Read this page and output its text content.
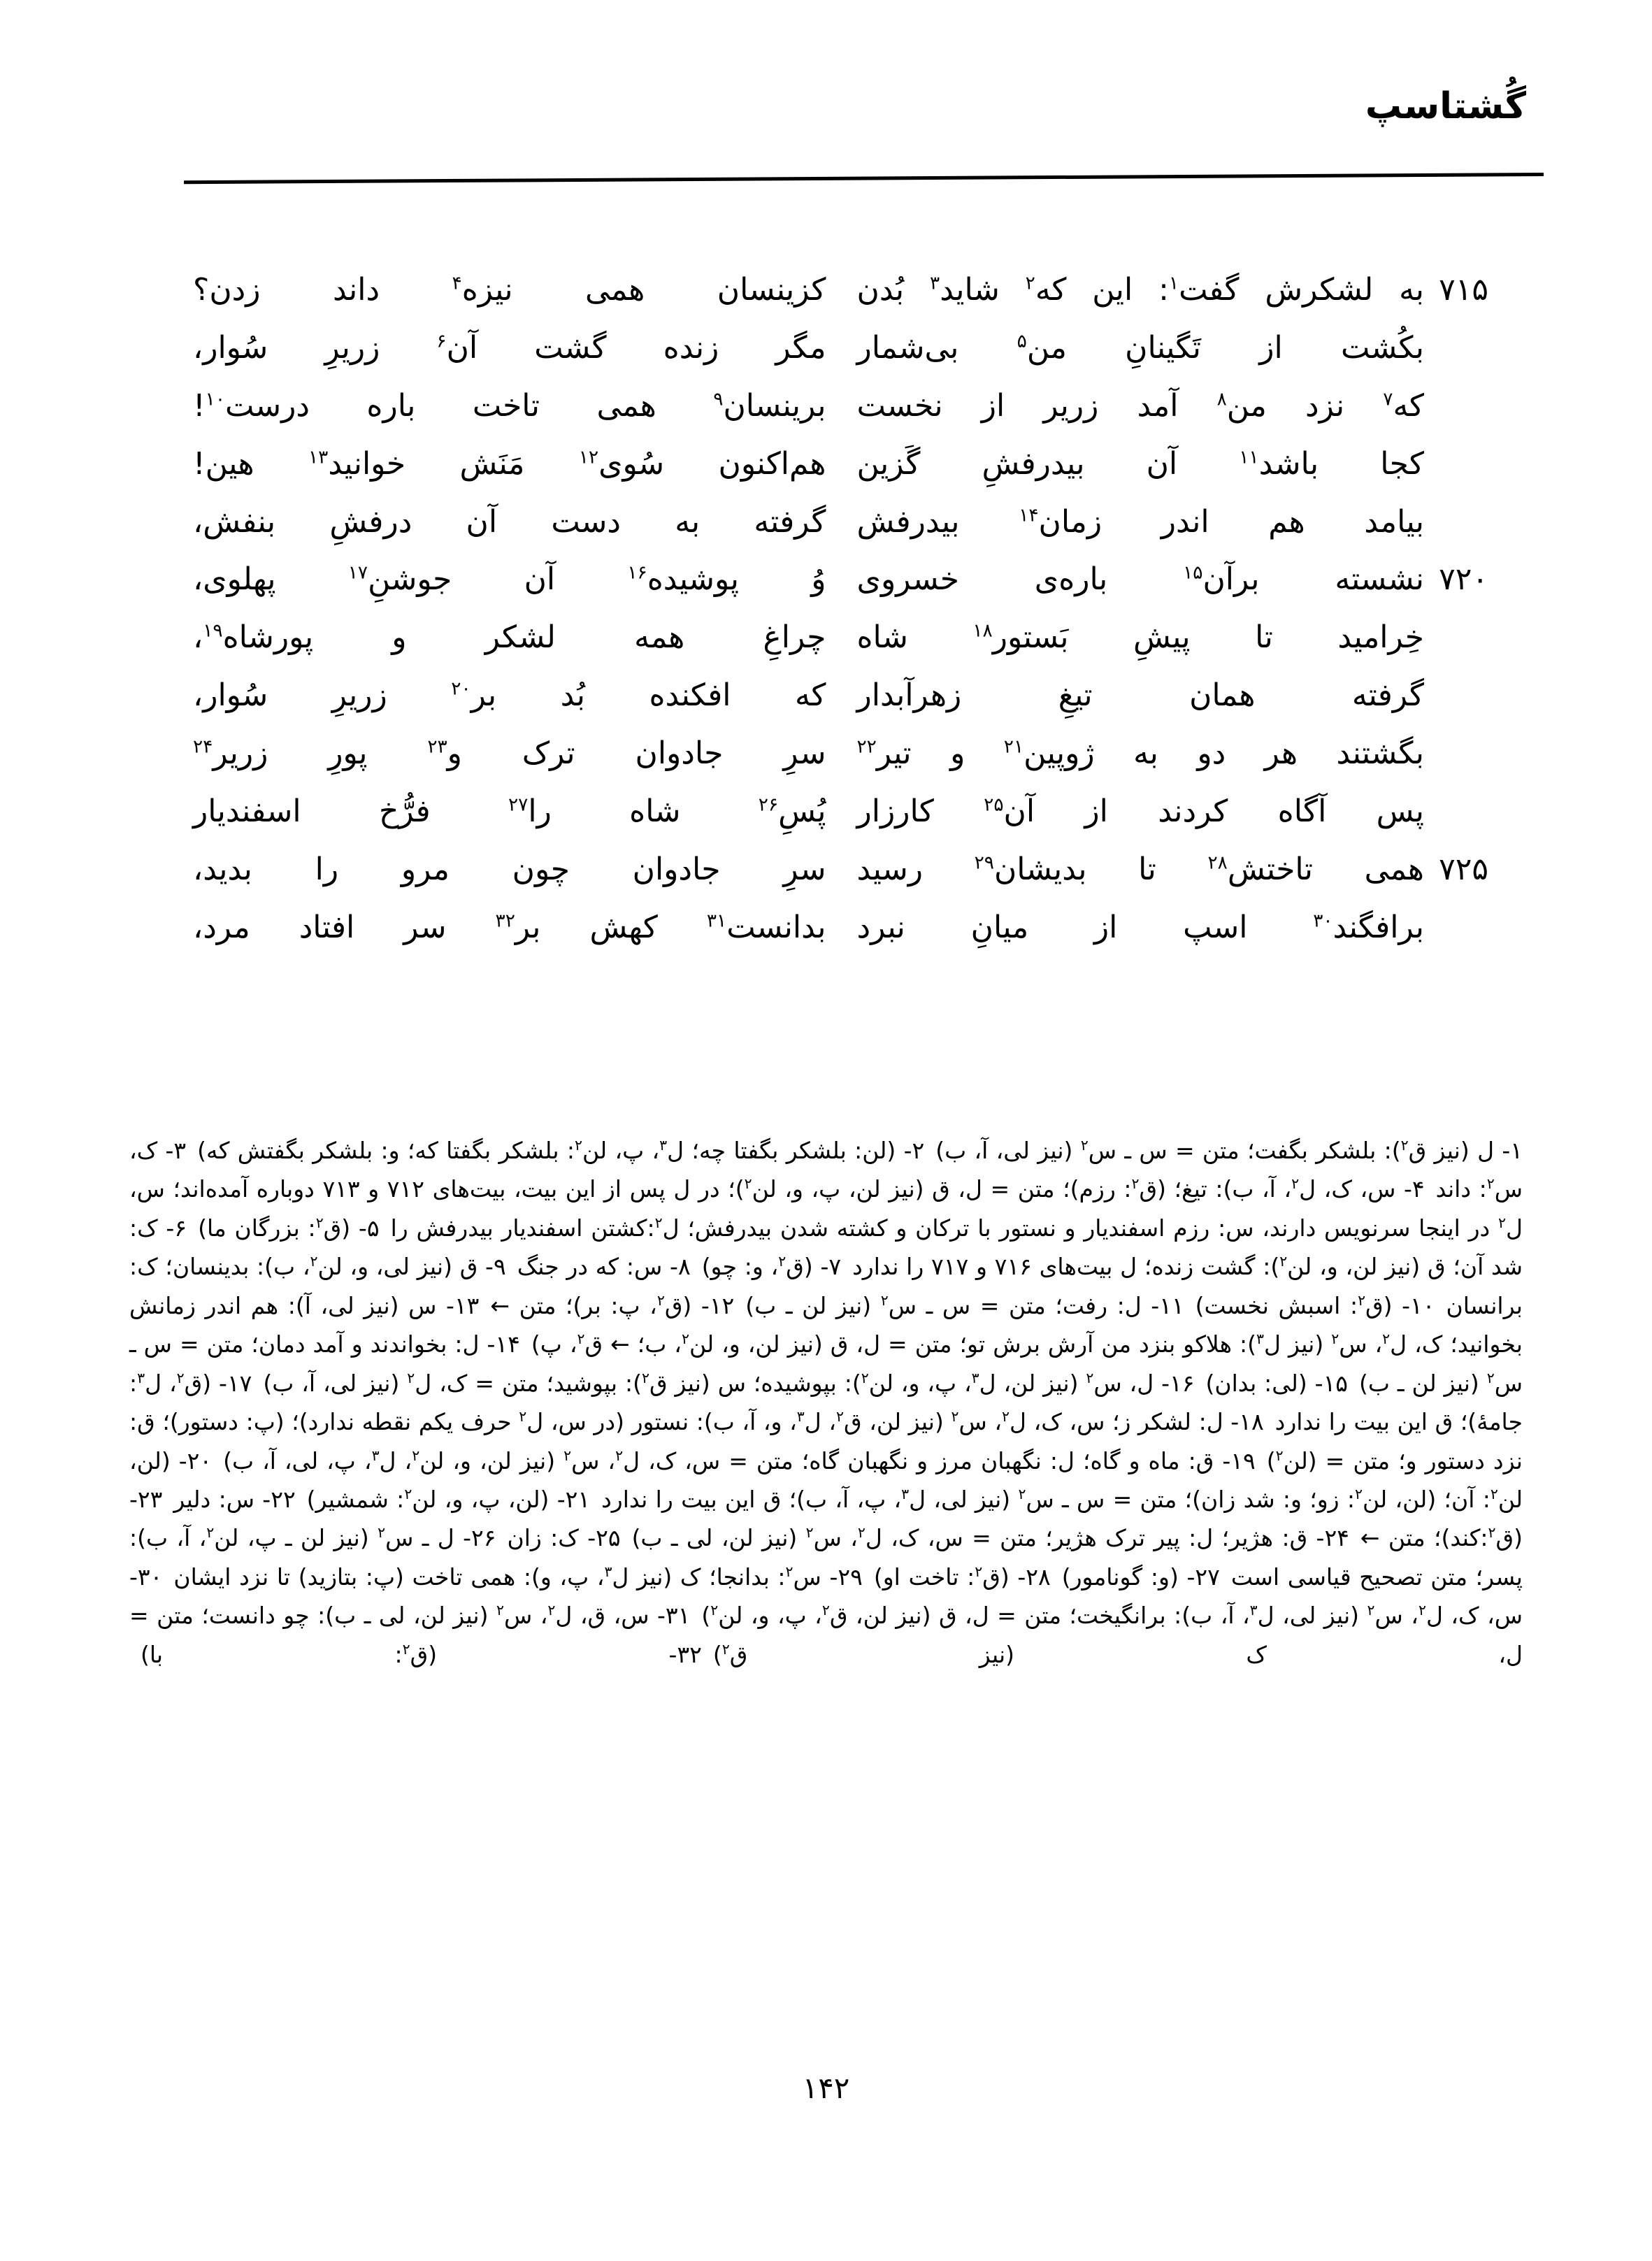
گُشتاسپ
۷۱۵
به لشکرش گفت$^۱$: این که$^۲$ شاید$^۳$ بُدن
کزینسان همی نیزه$^۴$ داند زدن؟
بکُشت از تَگینانِ من$^۵$ بی‌شمار
مگر زنده گشت آن$^۶$ زریرِ سُوار،
که$^۷$ نزد من$^۸$ آمد زریر از نخست
برینسان$^۹$ همی تاخت باره درست$^{۱۰}$!
کجا باشد$^{۱۱}$ آن بیدرفشِ گَزین
هم‌اکنون سُوی$^{۱۲}$ مَنَش خوانید$^{۱۳}$ هین!
بیامد هم اندر زمان$^{۱۴}$ بیدرفش
گرفته به دست آن درفشِ بنفش،
۷۲۰
نشسته برآن$^{۱۵}$ باره‌ی خسروی
وُ پوشیده$^{۱۶}$ آن جوشنِ$^{۱۷}$ پهلوی،
خِرامید تا پیشِ بَستور$^{۱۸}$ شاه
چراغِ همه لشکر و پورشاه$^{۱۹}$،
گرفته همان تیغِ زهرآبدار
که افکنده بُد بر$^{۲۰}$ زریرِ سُوار،
بگشتند هر دو به ژوپین$^{۲۱}$ و تیر$^{۲۲}$
سرِ جادوان ترک و$^{۲۳}$ پورِ زریر$^{۲۴}$
پس آگاه کردند از آن$^{۲۵}$ کارزار
پُسِ$^{۲۶}$ شاه را$^{۲۷}$ فرُّخ اسفندیار
۷۲۵
همی تاختش$^{۲۸}$ تا بدیشان$^{۲۹}$ رسید
سرِ جادوان چون مرو را بدید،
برافگند$^{۳۰}$ اسپ از میانِ نبرد
بدانست$^{۳۱}$ کهش بر$^{۳۲}$ سر افتاد مرد،
۱- ل (نیز ق$^۲$): بلشکر بگفت؛ متن = س ـ س$^۲$ (نیز لی، آ، ب) ۲- (لن: بلشکر بگفتا چه؛ ل$^۳$، پ، لن$^۲$: بلشکر بگفتا که؛ و: بلشکر بگفتش که) ۳- ک، س$^۲$: داند ۴- س، ک، ل$^۲$، آ، ب): تیغ؛ (ق$^۲$: رزم)؛ متن = ل، ق (نیز لن، پ، و، لن$^۲$)؛ در ل پس از این بیت، بیت‌های ۷۱۲ و ۷۱۳ دوباره آمده‌اند؛ س، ل$^۲$ در اینجا سرنویس دارند، س: رزم اسفندیار و نستور با ترکان و کشته شدن بیدرفش؛ ل$^۲$:کشتن اسفندیار بیدرفش را ۵- (ق$^۲$: بزرگان ما) ۶- ک: شد آن؛ ق (نیز لن، و، لن$^۲$): گشت زنده؛ ل بیت‌های ۷۱۶ و ۷۱۷ را ندارد ۷- (ق$^۲$، و: چو) ۸- س: که در جنگ ۹- ق (نیز لی، و، لن$^۲$، ب): بدینسان؛ ک: برانسان ۱۰- (ق$^۲$: اسبش نخست) ۱۱- ل: رفت؛ متن = س ـ س$^۲$ (نیز لن ـ ب) ۱۲- (ق$^۲$، پ: بر)؛ متن ← ۱۳- س (نیز لی، آ): هم اندر زمانش بخوانید؛ ک، ل$^۲$، س$^۲$ (نیز ل$^۳$): هلاکو بنزد من آرش برش تو؛ متن = ل، ق (نیز لن، و، لن$^۲$، ب؛ ← ق$^۲$، پ) ۱۴- ل: بخواندند و آمد دمان؛ متن = س ـ س$^۲$ (نیز لن ـ ب) ۱۵- (لی: بدان) ۱۶- ل، س$^۲$ (نیز لن، ل$^۳$، پ، و، لن$^۲$): بپوشیده؛ س (نیز ق$^۲$): بپوشید؛ متن = ک، ل$^۲$ (نیز لی، آ، ب) ۱۷- (ق$^۲$، ل$^۳$: جامهٔ)؛ ق این بیت را ندارد ۱۸- ل: لشکر ز؛ س، ک، ل$^۲$، س$^۲$ (نیز لن، ق$^۲$، ل$^۳$، و، آ، ب): نستور (در س، ل$^۲$ حرف یکم نقطه ندارد)؛ (پ: دستور)؛ ق: نزد دستور و؛ متن = (لن$^۲$) ۱۹- ق: ماه و گاه؛ ل: نگهبان مرز و نگهبان گاه؛ متن = س، ک، ل$^۲$، س$^۲$ (نیز لن، و، لن$^۲$، ل$^۳$، پ، لی، آ، ب) ۲۰- (لن، لن$^۲$: آن؛ (لن، لن$^۲$: زو؛ و: شد زان)؛ متن = س ـ س$^۲$ (نیز لی، ل$^۳$، پ، آ، ب)؛ ق این بیت را ندارد ۲۱- (لن، پ، و، لن$^۲$: شمشیر) ۲۲- س: دلیر ۲۳- (ق$^۲$:کند)؛ متن ← ۲۴- ق: هژیر؛ ل: پیر ترک هژیر؛ متن = س، ک، ل$^۲$، س$^۲$ (نیز لن، لی ـ ب) ۲۵- ک: زان ۲۶- ل ـ س$^۲$ (نیز لن ـ پ، لن$^۲$، آ، ب): پسر؛ متن تصحیح قیاسی است ۲۷- (و: گونامور) ۲۸- (ق$^۲$: تاخت او) ۲۹- س$^۲$: بدانجا؛ ک (نیز ل$^۳$، پ، و): همی تاخت (پ: بتازید) تا نزد ایشان ۳۰- س، ک، ل$^۲$، س$^۲$ (نیز لی، ل$^۳$، آ، ب): برانگیخت؛ متن = ل، ق (نیز لن، ق$^۲$، پ، و، لن$^۲$) ۳۱- س، ق، ل$^۲$، س$^۲$ (نیز لن، لی ـ ب): چو دانست؛ متن = ل، ک (نیز ق$^۲$) ۳۲- (ق$^۲$: با)
۱۴۲
